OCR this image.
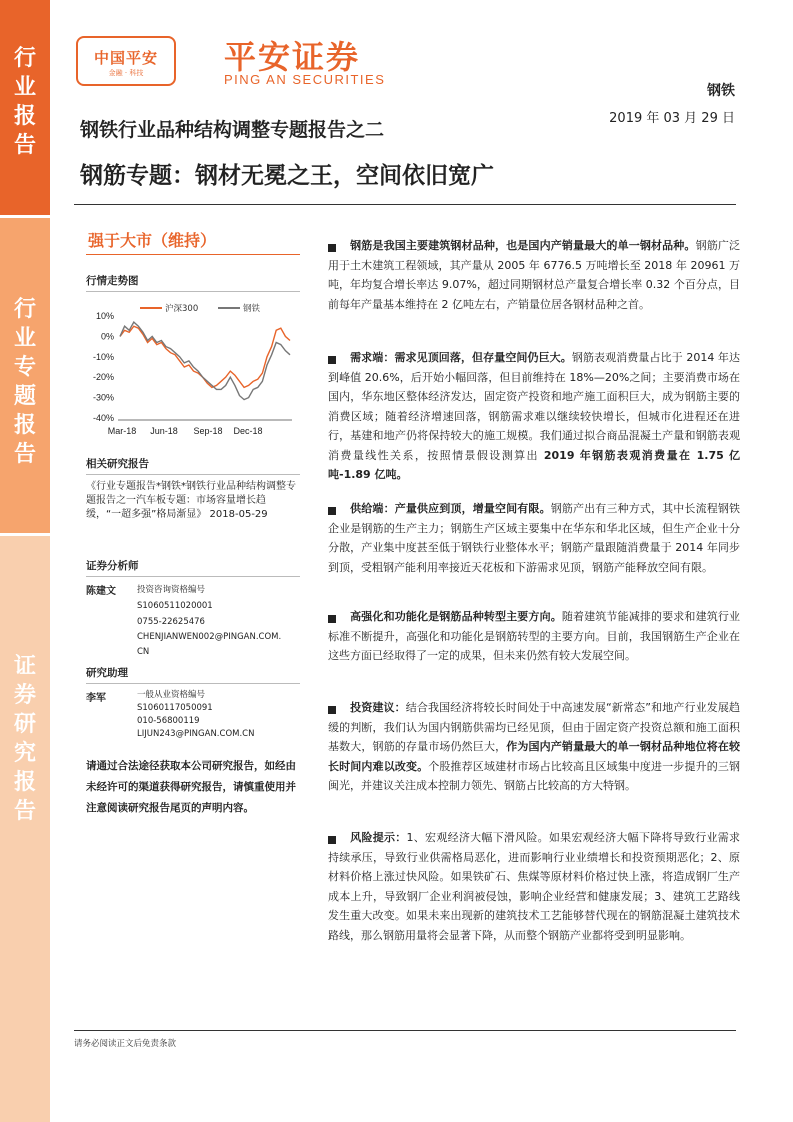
行
业
报
告
行
业
专
题
报
告
证
券
研
究
报
告
中国平安
金融 · 科技	平安证券
PING AN SECURITIES
钢铁
2019 年 03 月 29 日
钢铁行业品种结构调整专题报告之二
钢筋专题：钢材无冕之王，空间依旧宽广
强于大市（维持）
行情走势图
10%
0%
-10%
-20%
-30%
-40%
Mar-18 Jun-18 Sep-18 Dec-18
沪深300	钢铁
相关研究报告
《行业专题报告*钢铁*钢铁行业品种结构调整专题报告之一汽车板专题：市场容量增长趋缓，“一超多强”格局渐显》 2018-05-29
证券分析师
陈建文 投资咨询资格编号
S1060511020001
0755-22625476
CHENJIANWEN002@PINGAN.COM.
CN
研究助理
李军	一般从业资格编号
S1060117050091
010-56800119
LIJUN243@PINGAN.COM.CN
请通过合法途径获取本公司研究报告，如经由未经许可的渠道获得研究报告，请慎重使用并注意阅读研究报告尾页的声明内容。
钢筋是我国主要建筑钢材品种，也是国内产销量最大的单一钢材品种。钢筋广泛用于土木建筑工程领域，其产量从 2005 年 6776.5 万吨增长至 2018 年 20961 万吨，年均复合增长率达 9.07%，超过同期钢材总产量复合增长率 0.32 个百分点，目前每年产量基本维持在 2 亿吨左右，产销量位居各钢材品种之首。
需求端：需求见顶回落，但存量空间仍巨大。钢筋表观消费量占比于 2014 年达到峰值 20.6%，后开始小幅回落，但目前维持在 18%—20%之间；主要消费市场在国内，华东地区整体经济发达，固定资产投资和地产施工面积巨大，成为钢筋主要的消费区域；随着经济增速回落，钢筋需求难以继续较快增长，但城市化进程还在进行，基建和地产仍将保持较大的施工规模。我们通过拟合商品混凝土产量和钢筋表观消费量线性关系，按照情景假设测算出 2019 年钢筋表观消费量在 1.75 亿吨-1.89 亿吨。
供给端：产量供应到顶，增量空间有限。钢筋产出有三种方式，其中长流程钢铁企业是钢筋的生产主力；钢筋生产区域主要集中在华东和华北区域，但生产企业十分分散，产业集中度甚至低于钢铁行业整体水平；钢筋产量跟随消费量于 2014 年同步到顶，受粗钢产能利用率接近天花板和下游需求见顶，钢筋产能释放空间有限。
高强化和功能化是钢筋品种转型主要方向。随着建筑节能减排的要求和建筑行业标准不断提升，高强化和功能化是钢筋转型的主要方向。目前，我国钢筋生产企业在这些方面已经取得了一定的成果，但未来仍然有较大发展空间。
投资建议：结合我国经济将较长时间处于中高速发展“新常态”和地产行业发展趋缓的判断，我们认为国内钢筋供需均已经见顶，但由于固定资产投资总额和施工面积基数大，钢筋的存量市场仍然巨大，作为国内产销量最大的单一钢材品种地位将在较长时间内难以改变。个股推荐区域建材市场占比较高且区域集中度进一步提升的三钢闽光，并建议关注成本控制力领先、钢筋占比较高的方大特钢。
风险提示：1、宏观经济大幅下滑风险。如果宏观经济大幅下降将导致行业需求持续承压，导致行业供需格局恶化，进而影响行业业绩增长和投资预期恶化；2、原材料价格上涨过快风险。如果铁矿石、焦煤等原材料价格过快上涨，将造成钢厂生产成本上升，导致钢厂企业利润被侵蚀，影响企业经营和健康发展；3、建筑工艺路线发生重大改变。如果未来出现新的建筑技术工艺能够替代现在的钢筋混凝土建筑技术路线，那么钢筋用量将会显著下降，从而整个钢筋产业都将受到明显影响。
请务必阅读正文后免责条款
